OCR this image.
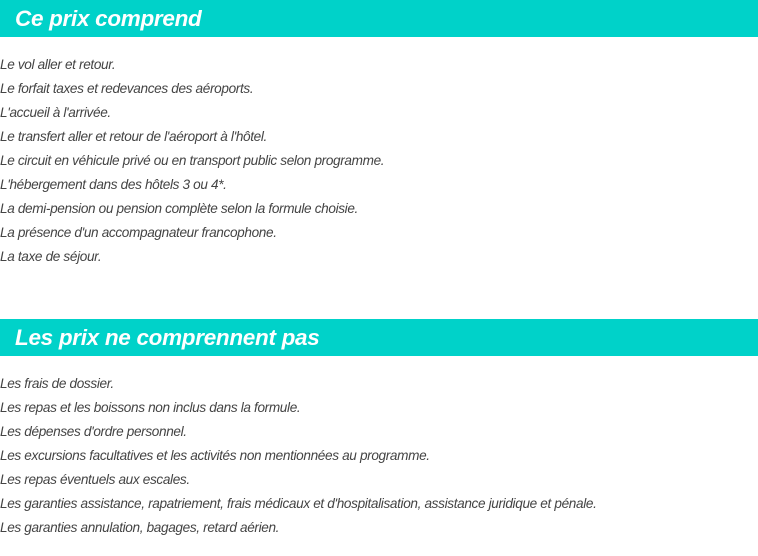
Ce prix comprend
Le vol aller et retour.
Le forfait taxes et redevances des aéroports.
L'accueil à l'arrivée.
Le transfert aller et retour de l'aéroport à l'hôtel.
Le circuit en véhicule privé ou en transport public selon programme.
L'hébergement dans des hôtels 3 ou 4*.
La demi-pension ou pension complète selon la formule choisie.
La présence d'un accompagnateur francophone.
La taxe de séjour.
Les prix ne comprennent pas
Les frais de dossier.
Les repas et les boissons non inclus dans la formule.
Les dépenses d'ordre personnel.
Les excursions facultatives et les activités non mentionnées au programme.
Les repas éventuels aux escales.
Les garanties assistance, rapatriement, frais médicaux et d'hospitalisation, assistance juridique et pénale.
Les garanties annulation, bagages, retard aérien.
